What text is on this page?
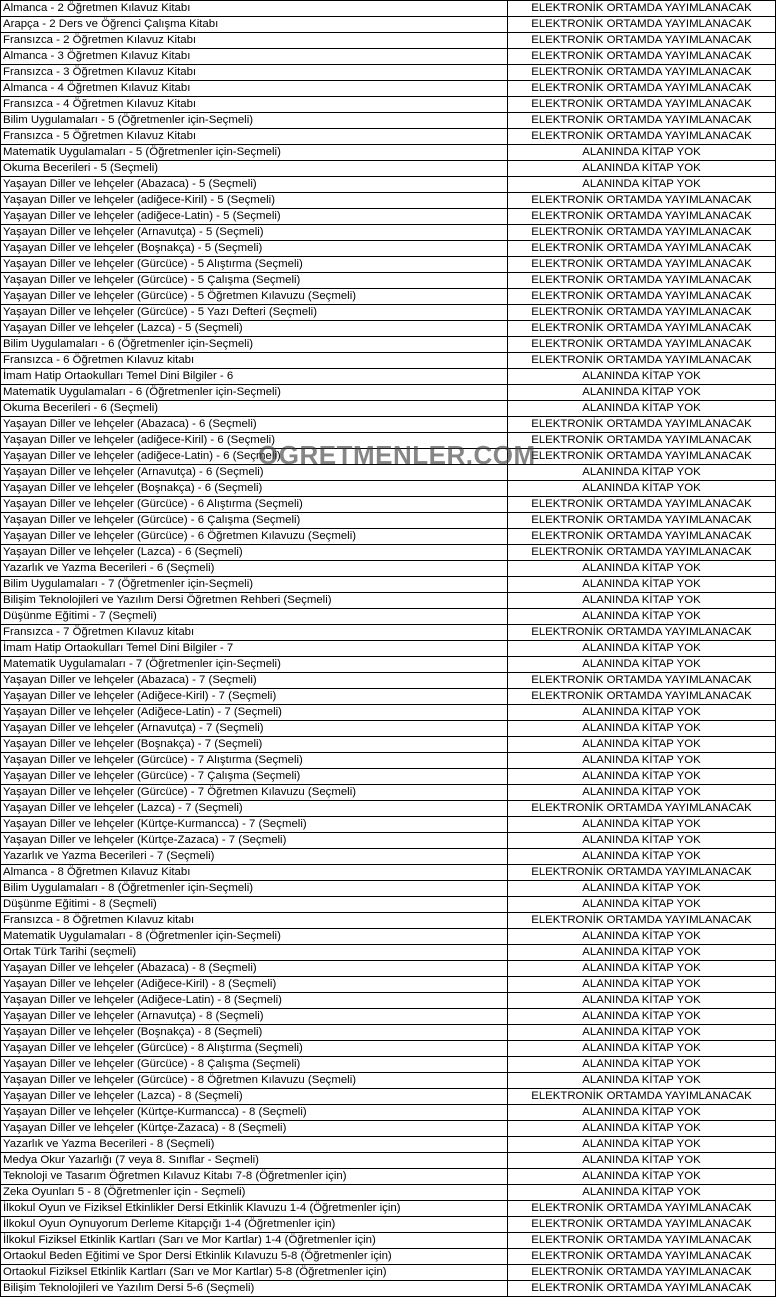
Almanca - 2 Öğretmen Kılavuz Kitabı	ELEKTRONİK ORTAMDA YAYIMLANACAK
Arapça - 2 Ders ve Öğrenci Çalışma Kitabı	ELEKTRONİK ORTAMDA YAYIMLANACAK
Fransızca - 2 Öğretmen Kılavuz Kitabı	ELEKTRONİK ORTAMDA YAYIMLANACAK
Almanca - 3 Öğretmen Kılavuz Kitabı	ELEKTRONİK ORTAMDA YAYIMLANACAK
Fransızca - 3 Öğretmen Kılavuz Kitabı	ELEKTRONİK ORTAMDA YAYIMLANACAK
Almanca - 4 Öğretmen Kılavuz Kitabı	ELEKTRONİK ORTAMDA YAYIMLANACAK
Fransızca - 4 Öğretmen Kılavuz Kitabı	ELEKTRONİK ORTAMDA YAYIMLANACAK
Bilim Uygulamaları - 5 (Öğretmenler için-Seçmeli)	ELEKTRONİK ORTAMDA YAYIMLANACAK
Fransızca - 5 Öğretmen Kılavuz Kitabı	ELEKTRONİK ORTAMDA YAYIMLANACAK
Matematik Uygulamaları - 5 (Öğretmenler için-Seçmeli)	ALANINDA KİTAP YOK
Okuma Becerileri - 5 (Seçmeli)	ALANINDA KİTAP YOK
Yaşayan Diller ve lehçeler (Abazaca) - 5 (Seçmeli)	ALANINDA KİTAP YOK
Yaşayan Diller ve lehçeler (adiğece-Kiril) - 5 (Seçmeli)	ELEKTRONİK ORTAMDA YAYIMLANACAK
Yaşayan Diller ve lehçeler (adiğece-Latin) - 5 (Seçmeli)	ELEKTRONİK ORTAMDA YAYIMLANACAK
Yaşayan Diller ve lehçeler (Arnavutça) - 5 (Seçmeli)	ELEKTRONİK ORTAMDA YAYIMLANACAK
Yaşayan Diller ve lehçeler (Boşnakça) - 5 (Seçmeli)	ELEKTRONİK ORTAMDA YAYIMLANACAK
Yaşayan Diller ve lehçeler (Gürcüce) - 5 Alıştırma (Seçmeli)	ELEKTRONİK ORTAMDA YAYIMLANACAK
Yaşayan Diller ve lehçeler (Gürcüce) - 5 Çalışma (Seçmeli)	ELEKTRONİK ORTAMDA YAYIMLANACAK
Yaşayan Diller ve lehçeler (Gürcüce) - 5 Öğretmen Kılavuzu (Seçmeli)	ELEKTRONİK ORTAMDA YAYIMLANACAK
Yaşayan Diller ve lehçeler (Gürcüce) - 5 Yazı Defteri (Seçmeli)	ELEKTRONİK ORTAMDA YAYIMLANACAK
Yaşayan Diller ve lehçeler (Lazca) - 5 (Seçmeli)	ELEKTRONİK ORTAMDA YAYIMLANACAK
Bilim Uygulamaları - 6 (Öğretmenler için-Seçmeli)	ELEKTRONİK ORTAMDA YAYIMLANACAK
Fransızca - 6 Öğretmen Kılavuz kitabı	ELEKTRONİK ORTAMDA YAYIMLANACAK
İmam Hatip Ortaokulları Temel Dini Bilgiler - 6	ALANINDA KİTAP YOK
Matematik Uygulamaları - 6 (Öğretmenler için-Seçmeli)	ALANINDA KİTAP YOK
Okuma Becerileri - 6 (Seçmeli)	ALANINDA KİTAP YOK
Yaşayan Diller ve lehçeler (Abazaca) - 6 (Seçmeli)	ELEKTRONİK ORTAMDA YAYIMLANACAK
Yaşayan Diller ve lehçeler (adiğece-Kiril) - 6 (Seçmeli)	ELEKTRONİK ORTAMDA YAYIMLANACAK
Yaşayan Diller ve lehçeler (adiğece-Latin) - 6 (Seçmeli)	ELEKTRONİK ORTAMDA YAYIMLANACAK
Yaşayan Diller ve lehçeler (Arnavutça) - 6 (Seçmeli)	ALANINDA KİTAP YOK
Yaşayan Diller ve lehçeler (Boşnakça) - 6 (Seçmeli)	ALANINDA KİTAP YOK
Yaşayan Diller ve lehçeler (Gürcüce) - 6 Alıştırma (Seçmeli)	ELEKTRONİK ORTAMDA YAYIMLANACAK
Yaşayan Diller ve lehçeler (Gürcüce) - 6 Çalışma (Seçmeli)	ELEKTRONİK ORTAMDA YAYIMLANACAK
Yaşayan Diller ve lehçeler (Gürcüce) - 6 Öğretmen Kılavuzu (Seçmeli)	ELEKTRONİK ORTAMDA YAYIMLANACAK
Yaşayan Diller ve lehçeler (Lazca) - 6 (Seçmeli)	ELEKTRONİK ORTAMDA YAYIMLANACAK
Yazarlık ve Yazma Becerileri - 6 (Seçmeli)	ALANINDA KİTAP YOK
Bilim Uygulamaları - 7 (Öğretmenler için-Seçmeli)	ALANINDA KİTAP YOK
Bilişim Teknolojileri ve Yazılım Dersi Öğretmen Rehberi (Seçmeli)	ALANINDA KİTAP YOK
Düşünme Eğitimi - 7 (Seçmeli)	ALANINDA KİTAP YOK
Fransızca - 7 Öğretmen Kılavuz kitabı	ELEKTRONİK ORTAMDA YAYIMLANACAK
İmam Hatip Ortaokulları Temel Dini Bilgiler - 7	ALANINDA KİTAP YOK
Matematik Uygulamaları - 7 (Öğretmenler için-Seçmeli)	ALANINDA KİTAP YOK
Yaşayan Diller ve lehçeler (Abazaca) - 7 (Seçmeli)	ELEKTRONİK ORTAMDA YAYIMLANACAK
Yaşayan Diller ve lehçeler (Adiğece-Kiril) - 7 (Seçmeli)	ELEKTRONİK ORTAMDA YAYIMLANACAK
Yaşayan Diller ve lehçeler (Adiğece-Latin) - 7 (Seçmeli)	ALANINDA KİTAP YOK
Yaşayan Diller ve lehçeler (Arnavutça) - 7 (Seçmeli)	ALANINDA KİTAP YOK
Yaşayan Diller ve lehçeler (Boşnakça) - 7 (Seçmeli)	ALANINDA KİTAP YOK
Yaşayan Diller ve lehçeler (Gürcüce) - 7 Alıştırma (Seçmeli)	ALANINDA KİTAP YOK
Yaşayan Diller ve lehçeler (Gürcüce) - 7 Çalışma (Seçmeli)	ALANINDA KİTAP YOK
Yaşayan Diller ve lehçeler (Gürcüce) - 7 Öğretmen Kılavuzu (Seçmeli)	ALANINDA KİTAP YOK
Yaşayan Diller ve lehçeler (Lazca) - 7 (Seçmeli)	ELEKTRONİK ORTAMDA YAYIMLANACAK
Yaşayan Diller ve lehçeler (Kürtçe-Kurmancca) - 7 (Seçmeli)	ALANINDA KİTAP YOK
Yaşayan Diller ve lehçeler (Kürtçe-Zazaca) - 7 (Seçmeli)	ALANINDA KİTAP YOK
Yazarlık ve Yazma Becerileri - 7 (Seçmeli)	ALANINDA KİTAP YOK
Almanca - 8 Öğretmen Kılavuz Kitabı	ELEKTRONİK ORTAMDA YAYIMLANACAK
Bilim Uygulamaları - 8 (Öğretmenler için-Seçmeli)	ALANINDA KİTAP YOK
Düşünme Eğitimi - 8 (Seçmeli)	ALANINDA KİTAP YOK
Fransızca - 8 Öğretmen Kılavuz kitabı	ELEKTRONİK ORTAMDA YAYIMLANACAK
Matematik Uygulamaları - 8 (Öğretmenler için-Seçmeli)	ALANINDA KİTAP YOK
Ortak Türk Tarihi (seçmeli)	ALANINDA KİTAP YOK
Yaşayan Diller ve lehçeler (Abazaca) - 8 (Seçmeli)	ALANINDA KİTAP YOK
Yaşayan Diller ve lehçeler (Adiğece-Kiril) - 8 (Seçmeli)	ALANINDA KİTAP YOK
Yaşayan Diller ve lehçeler (Adiğece-Latin) - 8 (Seçmeli)	ALANINDA KİTAP YOK
Yaşayan Diller ve lehçeler (Arnavutça) - 8 (Seçmeli)	ALANINDA KİTAP YOK
Yaşayan Diller ve lehçeler (Boşnakça) - 8 (Seçmeli)	ALANINDA KİTAP YOK
Yaşayan Diller ve lehçeler (Gürcüce) - 8 Alıştırma (Seçmeli)	ALANINDA KİTAP YOK
Yaşayan Diller ve lehçeler (Gürcüce) - 8 Çalışma (Seçmeli)	ALANINDA KİTAP YOK
Yaşayan Diller ve lehçeler (Gürcüce) - 8 Öğretmen Kılavuzu (Seçmeli)	ALANINDA KİTAP YOK
Yaşayan Diller ve lehçeler (Lazca) - 8 (Seçmeli)	ELEKTRONİK ORTAMDA YAYIMLANACAK
Yaşayan Diller ve lehçeler (Kürtçe-Kurmancca) - 8 (Seçmeli)	ALANINDA KİTAP YOK
Yaşayan Diller ve lehçeler (Kürtçe-Zazaca) - 8 (Seçmeli)	ALANINDA KİTAP YOK
Yazarlık ve Yazma Becerileri - 8 (Seçmeli)	ALANINDA KİTAP YOK
Medya Okur Yazarlığı (7 veya 8. Sınıflar - Seçmeli)	ALANINDA KİTAP YOK
Teknoloji ve Tasarım Öğretmen Kılavuz Kitabı 7-8 (Öğretmenler için)	ALANINDA KİTAP YOK
Zeka Oyunları 5 - 8 (Öğretmenler için - Seçmeli)	ALANINDA KİTAP YOK
İlkokul Oyun ve Fiziksel Etkinlikler Dersi Etkinlik Klavuzu 1-4 (Öğretmenler için)	ELEKTRONİK ORTAMDA YAYIMLANACAK
İlkokul Oyun Oynuyorum Derleme Kitapçığı 1-4 (Öğretmenler için)	ELEKTRONİK ORTAMDA YAYIMLANACAK
İlkokul Fiziksel Etkinlik Kartları (Sarı ve Mor Kartlar) 1-4 (Öğretmenler için)	ELEKTRONİK ORTAMDA YAYIMLANACAK
Ortaokul Beden Eğitimi ve Spor Dersi Etkinlik Kılavuzu 5-8 (Öğretmenler için)	ELEKTRONİK ORTAMDA YAYIMLANACAK
Ortaokul Fiziksel Etkinlik Kartları (Sarı ve Mor Kartlar) 5-8 (Öğretmenler için)	ELEKTRONİK ORTAMDA YAYIMLANACAK
Bilişim Teknolojileri ve Yazılım Dersi 5-6 (Seçmeli)	ELEKTRONİK ORTAMDA YAYIMLANACAK
OGRETMENLER.COM
